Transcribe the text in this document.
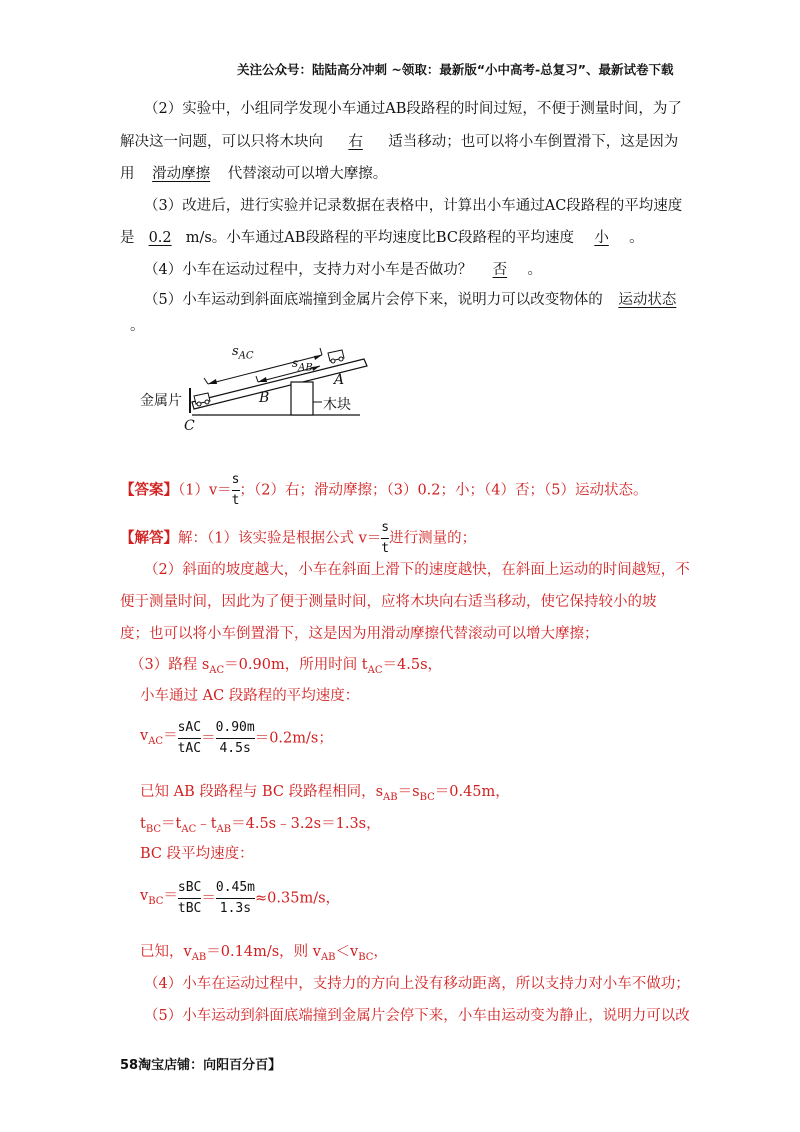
关注公众号：陆陆高分冲刺 ~领取：最新版“小中高考-总复习”、最新试卷下载
（2）实验中，小组同学发现小车通过AB段路程的时间过短，不便于测量时间，为了
解决这一问题，可以只将木块向 右 适当移动；也可以将小车倒置滑下，这是因为
用 滑动摩擦 代替滚动可以增大摩擦。
（3）改进后，进行实验并记录数据在表格中，计算出小车通过AC段路程的平均速度
是 0.2 m/s。小车通过AB段路程的平均速度比BC段路程的平均速度 小 。
（4）小车在运动过程中，支持力对小车是否做功？ 否 。
（5）小车运动到斜面底端撞到金属片会停下来，说明力可以改变物体的 运动状态
。
$s_{AC}$	$s_{AB}$
A
B
C
金属片	木块
【答案】$(1)v= \frac{s}{t}$ ；（2）右；滑动摩擦；（3）0.2；小；（4）否；（5）运动状态。
【解答】解：（1）该实验是根据公式 $v= \frac{s}{t}$ 进行测量的；
（2）斜面的坡度越大，小车在斜面上滑下的速度越快，在斜面上运动的时间越短，不
便于测量时间，因此为了便于测量时间，应将木块向右适当移动，使它保持较小的坡
度；也可以将小车倒置滑下，这是因为用滑动摩擦代替滚动可以增大摩擦；
（3）路程 $s_{AC}=0.90m$，所用时间 $t_{AC}=4.5s$，
小车通过 AC 段路程的平均速度：
$v_{AC}= \frac{\text{sAC}}{\text{tAC}} = \frac{0.90m}{4.5s} =0.2m/s$；
已知 AB 段路程与 BC 段路程相同，$s_{AB}=s_{BC}=0.45m$，
$t_{BC}=t_{AC}﹣t_{AB}=4.5s﹣3.2s=1.3s$，
BC 段平均速度：
$v_{BC}= \frac{\text{sBC}}{\text{tBC}} = \frac{0.45m}{1.3s} \approx 0.35m/s$，
已知，$v_{AB}=0.14m/s$，则 $v_{AB}<v_{BC}$，
（4）小车在运动过程中，支持力的方向上没有移动距离，所以支持力对小车不做功；
（5）小车运动到斜面底端撞到金属片会停下来，小车由运动变为静止，说明力可以改
58淘宝店铺：向阳百分百】
